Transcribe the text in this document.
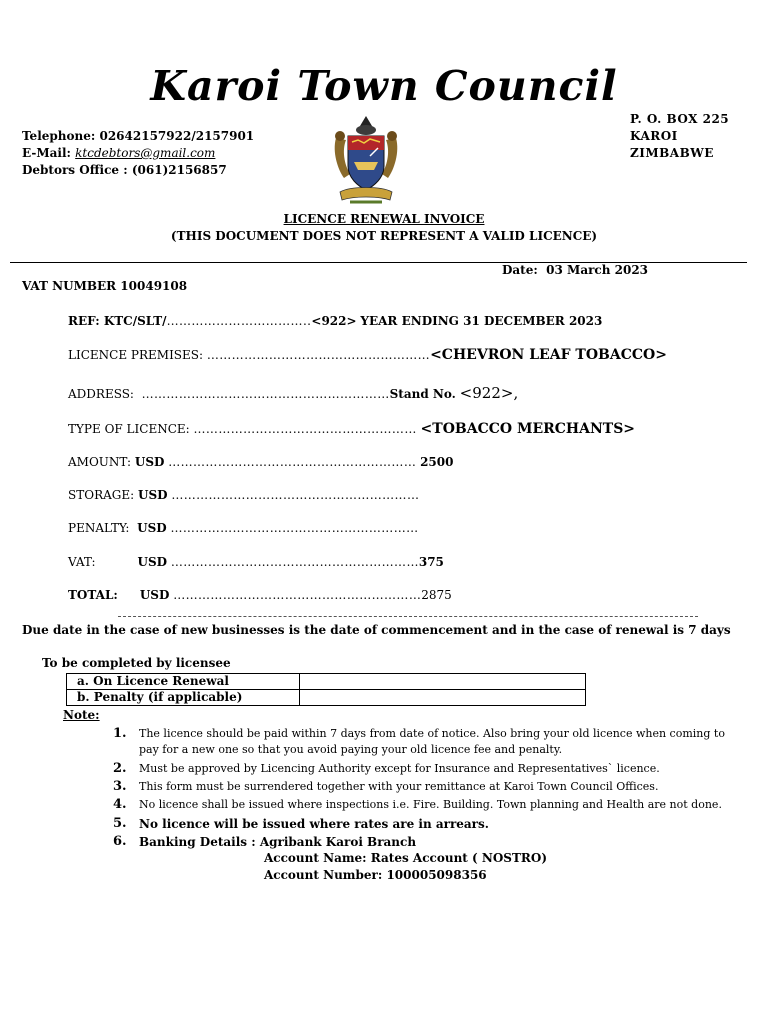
Karoi Town Council
Telephone: 02642157922/2157901
E-Mail: ktcdebtors@gmail.com
Debtors Office : (061)2156857
P. O. BOX 225
KAROI
ZIMBABWE
LICENCE RENEWAL INVOICE
(THIS DOCUMENT DOES NOT REPRESENT A VALID LICENCE)
Date: 03 March 2023
VAT NUMBER 10049108
REF: KTC/SLT/……………………………..<922> YEAR ENDING 31 DECEMBER 2023
LICENCE PREMISES: ………………………………………………<CHEVRON LEAF TOBACCO>
ADDRESS: ……………………………………………………Stand No. <922>,
TYPE OF LICENCE: ……………………………………………… <TOBACCO MERCHANTS>
AMOUNT: USD …………………………………………………… 2500
STORAGE: USD ……………………………………………………
PENALTY: USD ……………………………………………………
VAT:	USD ……………………………………………………375
TOTAL: USD ……………………………………………………2875
Due date in the case of new businesses is the date of commencement and in the case of renewal is 7 days
To be completed by licensee
a. On Licence Renewal	
b. Penalty (if applicable)	
Note:
1. The licence should be paid within 7 days from date of notice. Also bring your old licence when coming to pay for a new one so that you avoid paying your old licence fee and penalty.
2. Must be approved by Licencing Authority except for Insurance and Representatives` licence.
3. This form must be surrendered together with your remittance at Karoi Town Council Offices.
4. No licence shall be issued where inspections i.e. Fire. Building. Town planning and Health are not done.
5. No licence will be issued where rates are in arrears.
6. Banking Details : Agribank Karoi Branch
Account Name: Rates Account ( NOSTRO)
Account Number: 100005098356
